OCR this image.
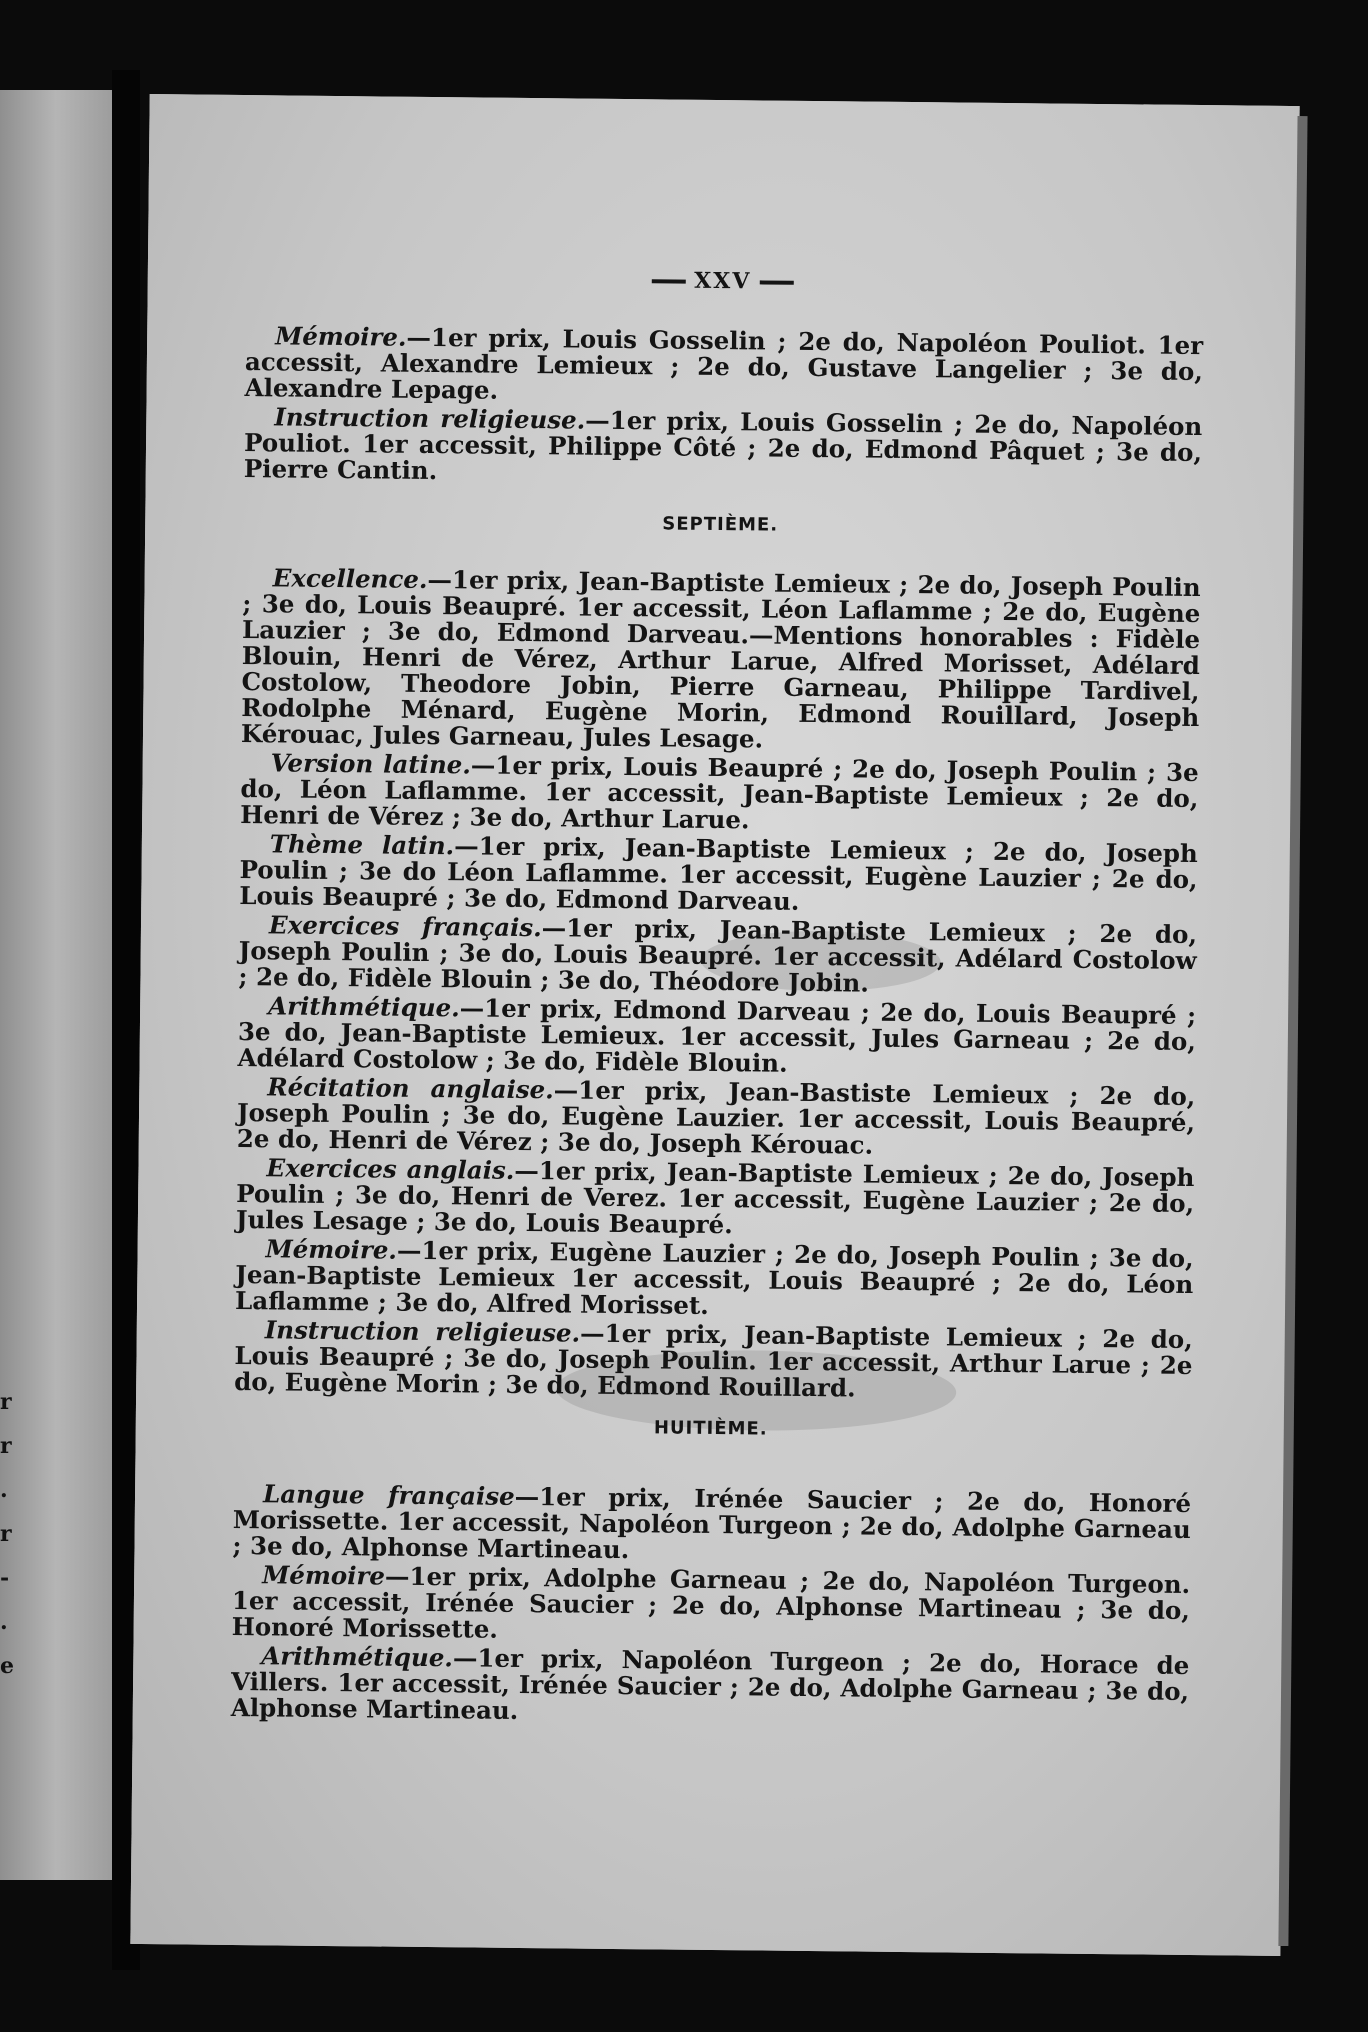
r
r
.
r
-
.
e
XXV

Mémoire.—1er prix, Louis Gosselin ; 2e do, Napoléon Pouliot. 1er accessit, Alexandre Lemieux ; 2e do, Gustave Langelier ; 3e do, Alexandre Lepage.

Instruction religieuse.—1er prix, Louis Gosselin ; 2e do, Napoléon Pouliot. 1er accessit, Philippe Côté ; 2e do, Edmond Pâquet ; 3e do, Pierre Cantin.

SEPTIÈME.

Excellence.—1er prix, Jean-Baptiste Lemieux ; 2e do, Joseph Poulin ; 3e do, Louis Beaupré. 1er accessit, Léon Laflamme ; 2e do, Eugène Lauzier ; 3e do, Edmond Darveau.—Mentions honorables : Fidèle Blouin, Henri de Vérez, Arthur Larue, Alfred Morisset, Adélard Costolow, Theodore Jobin, Pierre Garneau, Philippe Tardivel, Rodolphe Ménard, Eugène Morin, Edmond Rouillard, Joseph Kérouac, Jules Garneau, Jules Lesage.

Version latine.—1er prix, Louis Beaupré ; 2e do, Joseph Poulin ; 3e do, Léon Laflamme. 1er accessit, Jean-Baptiste Lemieux ; 2e do, Henri de Vérez ; 3e do, Arthur Larue.

Thème latin.—1er prix, Jean-Baptiste Lemieux ; 2e do, Joseph Poulin ; 3e do Léon Laflamme. 1er accessit, Eugène Lauzier ; 2e do, Louis Beaupré ; 3e do, Edmond Darveau.

Exercices français.—1er prix, Jean-Baptiste Lemieux ; 2e do, Joseph Poulin ; 3e do, Louis Beaupré. 1er accessit, Adélard Costolow ; 2e do, Fidèle Blouin ; 3e do, Théodore Jobin.

Arithmétique.—1er prix, Edmond Darveau ; 2e do, Louis Beaupré ; 3e do, Jean-Baptiste Lemieux. 1er accessit, Jules Garneau ; 2e do, Adélard Costolow ; 3e do, Fidèle Blouin.

Récitation anglaise.—1er prix, Jean-Bastiste Lemieux ; 2e do, Joseph Poulin ; 3e do, Eugène Lauzier. 1er accessit, Louis Beaupré, 2e do, Henri de Vérez ; 3e do, Joseph Kérouac.

Exercices anglais.—1er prix, Jean-Baptiste Lemieux ; 2e do, Joseph Poulin ; 3e do, Henri de Verez. 1er accessit, Eugène Lauzier ; 2e do, Jules Lesage ; 3e do, Louis Beaupré.

Mémoire.—1er prix, Eugène Lauzier ; 2e do, Joseph Poulin ; 3e do, Jean-Baptiste Lemieux 1er accessit, Louis Beaupré ; 2e do, Léon Laflamme ; 3e do, Alfred Morisset.

Instruction religieuse.—1er prix, Jean-Baptiste Lemieux ; 2e do, Louis Beaupré ; 3e do, Joseph Poulin. 1er accessit, Arthur Larue ; 2e do, Eugène Morin ; 3e do, Edmond Rouillard.

HUITIÈME.

Langue française—1er prix, Irénée Saucier ; 2e do, Honoré Morissette. 1er accessit, Napoléon Turgeon ; 2e do, Adolphe Garneau ; 3e do, Alphonse Martineau.

Mémoire—1er prix, Adolphe Garneau ; 2e do, Napoléon Turgeon. 1er accessit, Irénée Saucier ; 2e do, Alphonse Martineau ; 3e do, Honoré Morissette.

Arithmétique.—1er prix, Napoléon Turgeon ; 2e do, Horace de Villers. 1er accessit, Irénée Saucier ; 2e do, Adolphe Garneau ; 3e do, Alphonse Martineau.
